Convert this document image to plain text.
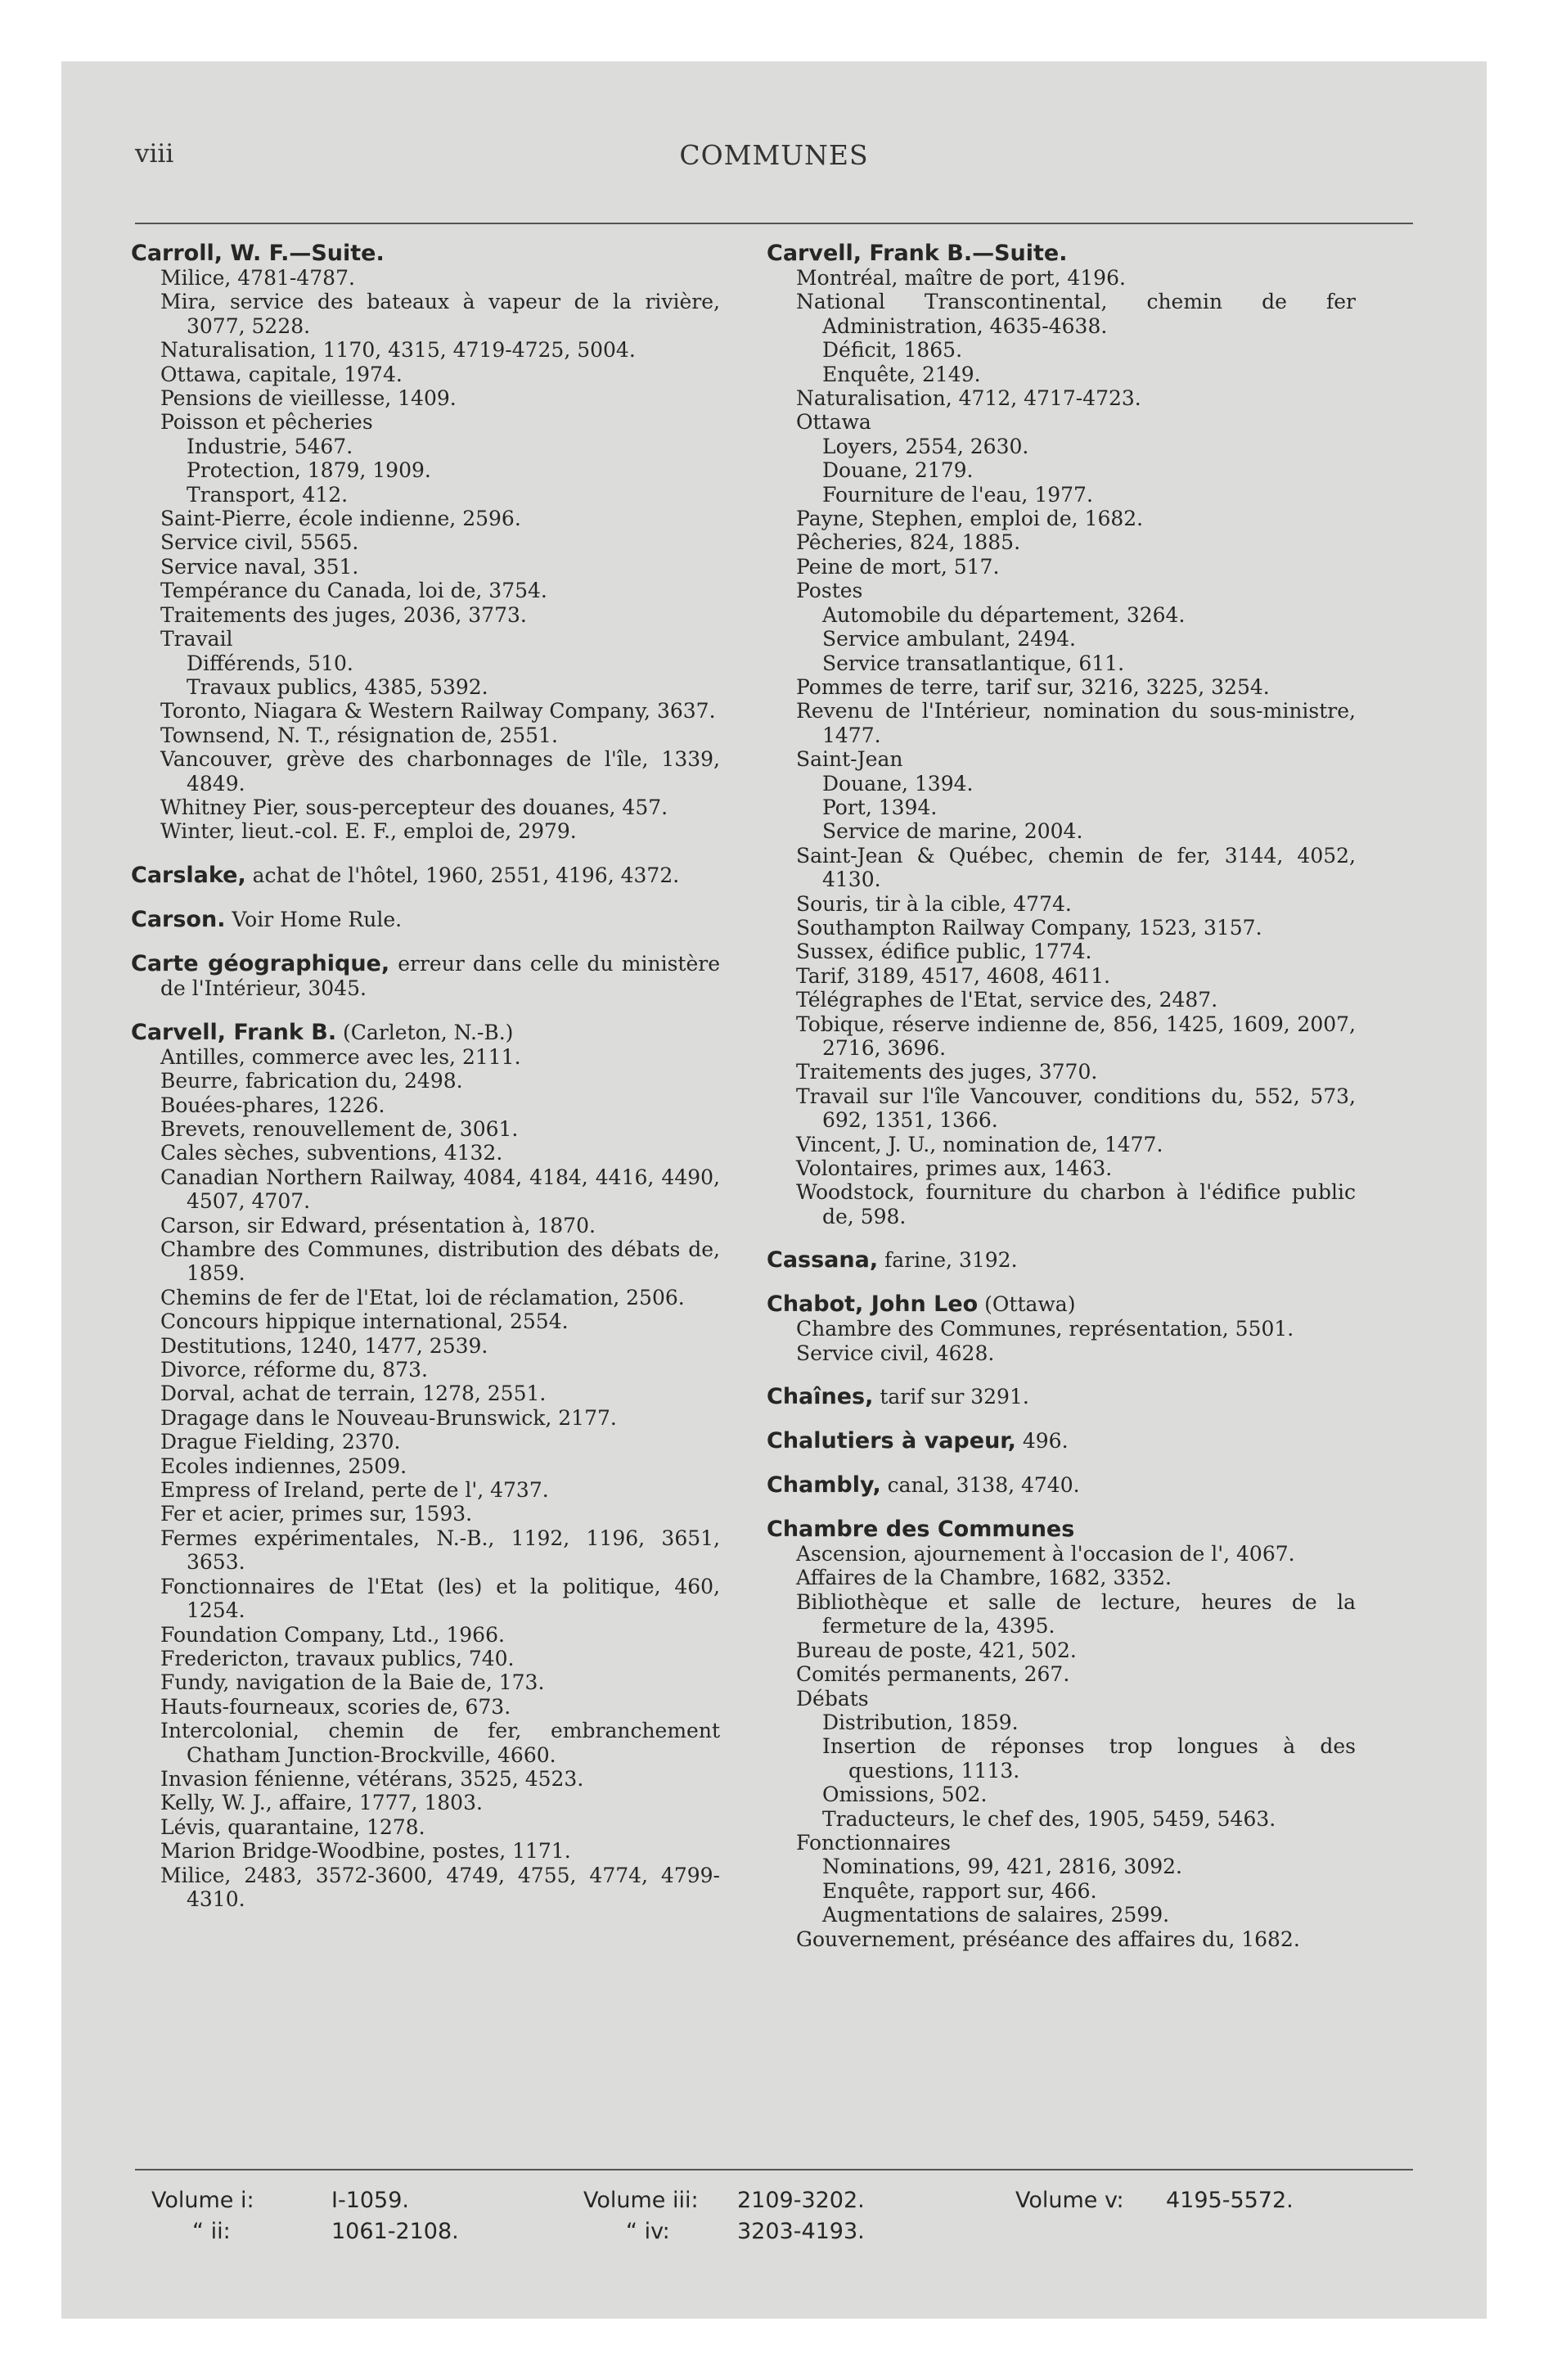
viii	COMMUNES
Carroll, W. F.—Suite.
Milice, 4781-4787.
Mira, service des bateaux à vapeur de la rivière, 3077, 5228.
Naturalisation, 1170, 4315, 4719-4725, 5004.
Ottawa, capitale, 1974.
Pensions de vieillesse, 1409.
Poisson et pêcheries
Industrie, 5467.
Protection, 1879, 1909.
Transport, 412.
Saint-Pierre, école indienne, 2596.
Service civil, 5565.
Service naval, 351.
Tempérance du Canada, loi de, 3754.
Traitements des juges, 2036, 3773.
Travail
Différends, 510.
Travaux publics, 4385, 5392.
Toronto, Niagara & Western Railway Company, 3637.
Townsend, N. T., résignation de, 2551.
Vancouver, grève des charbonnages de l'île, 1339, 4849.
Whitney Pier, sous-percepteur des douanes, 457.
Winter, lieut.-col. E. F., emploi de, 2979.
Carslake, achat de l'hôtel, 1960, 2551, 4196, 4372.
Carson. Voir Home Rule.
Carte géographique, erreur dans celle du ministère de l'Intérieur, 3045.
Carvell, Frank B. (Carleton, N.-B.)
Antilles, commerce avec les, 2111.
Beurre, fabrication du, 2498.
Bouées-phares, 1226.
Brevets, renouvellement de, 3061.
Cales sèches, subventions, 4132.
Canadian Northern Railway, 4084, 4184, 4416, 4490, 4507, 4707.
Carson, sir Edward, présentation à, 1870.
Chambre des Communes, distribution des débats de, 1859.
Chemins de fer de l'Etat, loi de réclamation, 2506.
Concours hippique international, 2554.
Destitutions, 1240, 1477, 2539.
Divorce, réforme du, 873.
Dorval, achat de terrain, 1278, 2551.
Dragage dans le Nouveau-Brunswick, 2177.
Drague Fielding, 2370.
Ecoles indiennes, 2509.
Empress of Ireland, perte de l', 4737.
Fer et acier, primes sur, 1593.
Fermes expérimentales, N.-B., 1192, 1196, 3651, 3653.
Fonctionnaires de l'Etat (les) et la politique, 460, 1254.
Foundation Company, Ltd., 1966.
Fredericton, travaux publics, 740.
Fundy, navigation de la Baie de, 173.
Hauts-fourneaux, scories de, 673.
Intercolonial, chemin de fer, embranchement Chatham Junction-Brockville, 4660.
Invasion fénienne, vétérans, 3525, 4523.
Kelly, W. J., affaire, 1777, 1803.
Lévis, quarantaine, 1278.
Marion Bridge-Woodbine, postes, 1171.
Milice, 2483, 3572-3600, 4749, 4755, 4774, 4799-4310.
Carvell, Frank B.—Suite.
Montréal, maître de port, 4196.
National Transcontinental, chemin de fer Administration, 4635-4638.
Déficit, 1865.
Enquête, 2149.
Naturalisation, 4712, 4717-4723.
Ottawa
Loyers, 2554, 2630.
Douane, 2179.
Fourniture de l'eau, 1977.
Payne, Stephen, emploi de, 1682.
Pêcheries, 824, 1885.
Peine de mort, 517.
Postes
Automobile du département, 3264.
Service ambulant, 2494.
Service transatlantique, 611.
Pommes de terre, tarif sur, 3216, 3225, 3254.
Revenu de l'Intérieur, nomination du sous-ministre, 1477.
Saint-Jean
Douane, 1394.
Port, 1394.
Service de marine, 2004.
Saint-Jean & Québec, chemin de fer, 3144, 4052, 4130.
Souris, tir à la cible, 4774.
Southampton Railway Company, 1523, 3157.
Sussex, édifice public, 1774.
Tarif, 3189, 4517, 4608, 4611.
Télégraphes de l'Etat, service des, 2487.
Tobique, réserve indienne de, 856, 1425, 1609, 2007, 2716, 3696.
Traitements des juges, 3770.
Travail sur l'île Vancouver, conditions du, 552, 573, 692, 1351, 1366.
Vincent, J. U., nomination de, 1477.
Volontaires, primes aux, 1463.
Woodstock, fourniture du charbon à l'édifice public de, 598.
Cassana, farine, 3192.
Chabot, John Leo (Ottawa)
Chambre des Communes, représentation, 5501.
Service civil, 4628.
Chaînes, tarif sur 3291.
Chalutiers à vapeur, 496.
Chambly, canal, 3138, 4740.
Chambre des Communes
Ascension, ajournement à l'occasion de l', 4067.
Affaires de la Chambre, 1682, 3352.
Bibliothèque et salle de lecture, heures de la fermeture de la, 4395.
Bureau de poste, 421, 502.
Comités permanents, 267.
Débats
Distribution, 1859.
Insertion de réponses trop longues à des questions, 1113.
Omissions, 502.
Traducteurs, le chef des, 1905, 5459, 5463.
Fonctionnaires
Nominations, 99, 421, 2816, 3092.
Enquête, rapport sur, 466.
Augmentations de salaires, 2599.
Gouvernement, préséance des affaires du, 1682.
Volume i:	I-1059.
“ ii:	1061-2108.
Volume iii: 2109-3202.
“ iv:	3203-4193.
Volume v: 4195-5572.
